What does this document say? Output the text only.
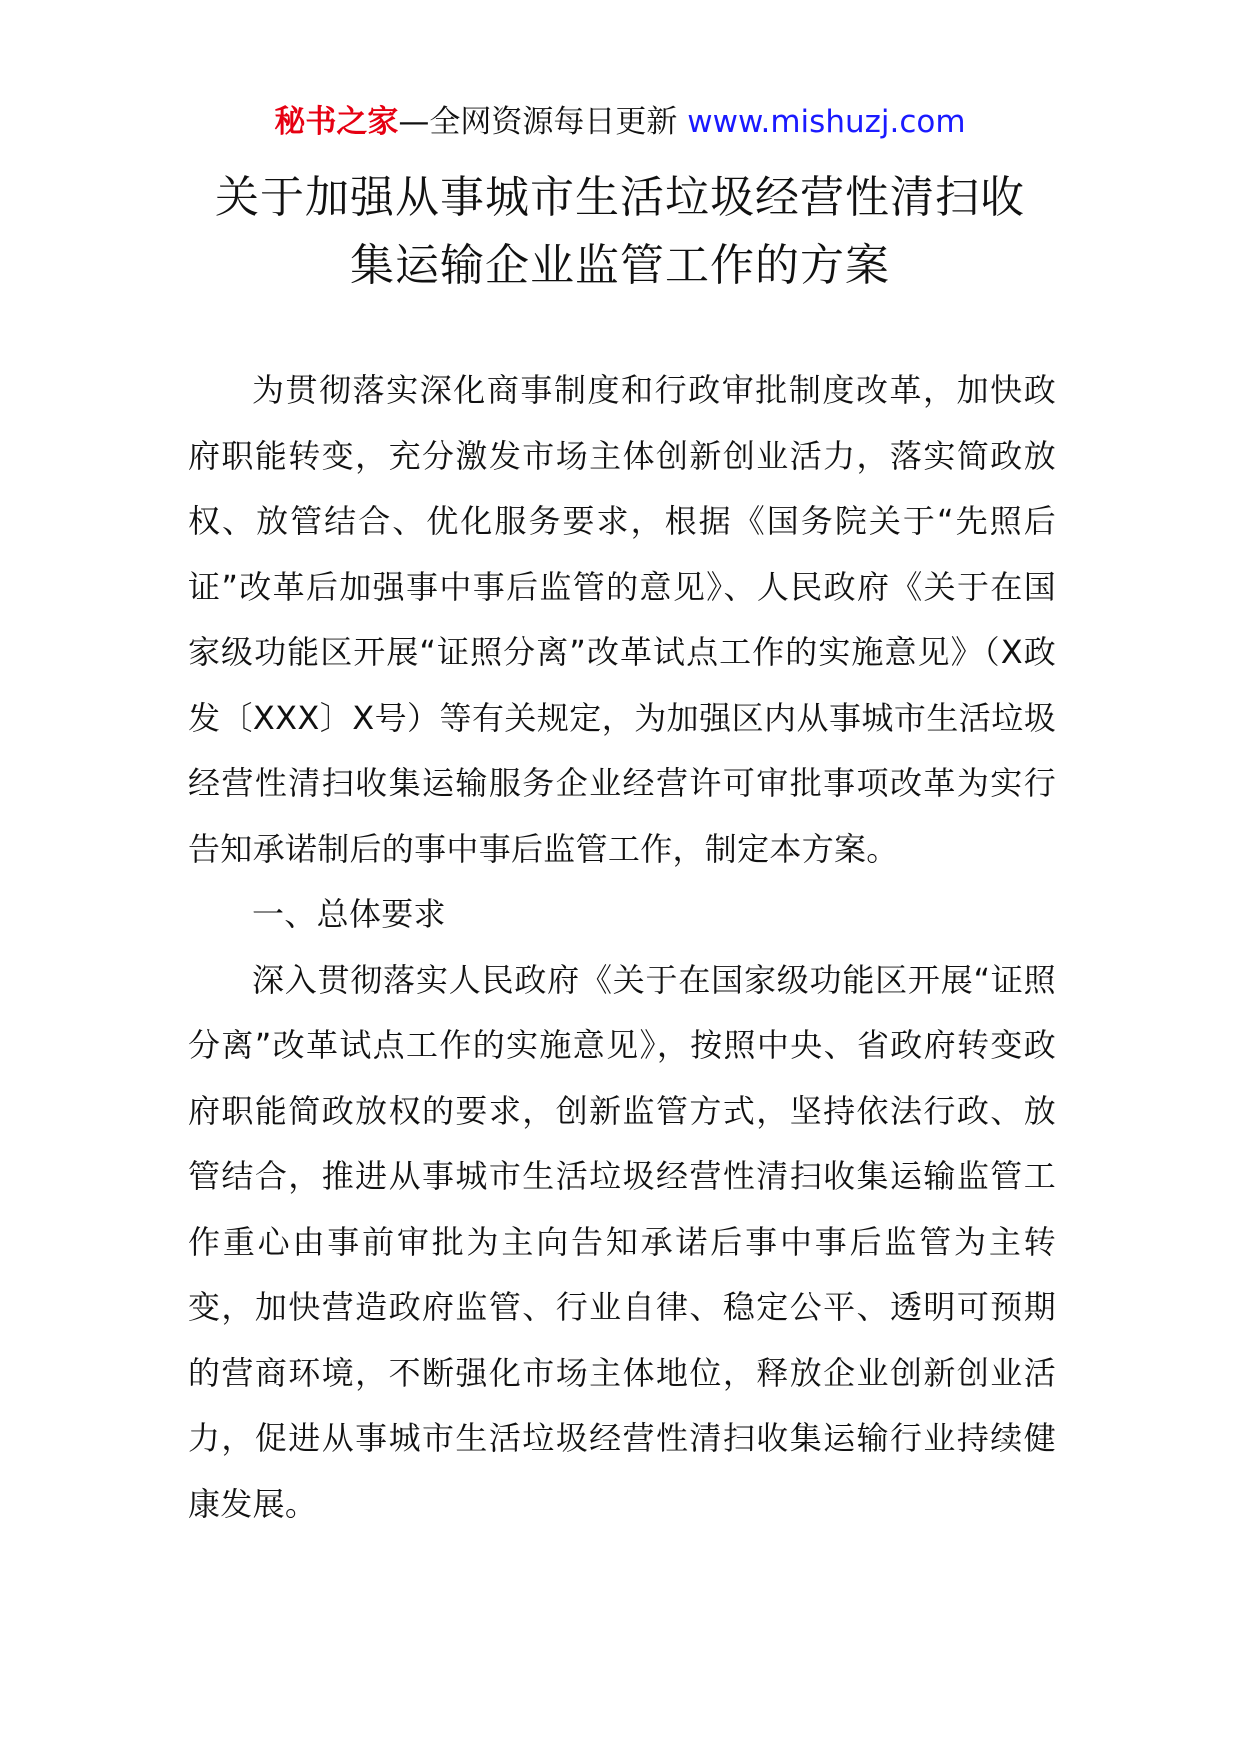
秘书之家—全网资源每日更新 www.mishuzj.com
关于加强从事城市生活垃圾经营性清扫收
集运输企业监管工作的方案

为贯彻落实深化商事制度和行政审批制度改革，加快政府职能转变，充分激发市场主体创新创业活力，落实简政放权、放管结合、优化服务要求，根据《国务院关于“先照后证”改革后加强事中事后监管的意见》、人民政府《关于在国家级功能区开展“证照分离”改革试点工作的实施意见》（X政发〔XXX〕X号）等有关规定，为加强区内从事城市生活垃圾经营性清扫收集运输服务企业经营许可审批事项改革为实行告知承诺制后的事中事后监管工作，制定本方案。

一、总体要求

深入贯彻落实人民政府《关于在国家级功能区开展“证照分离”改革试点工作的实施意见》，按照中央、省政府转变政府职能简政放权的要求，创新监管方式，坚持依法行政、放管结合，推进从事城市生活垃圾经营性清扫收集运输监管工作重心由事前审批为主向告知承诺后事中事后监管为主转变，加快营造政府监管、行业自律、稳定公平、透明可预期的营商环境，不断强化市场主体地位，释放企业创新创业活力，促进从事城市生活垃圾经营性清扫收集运输行业持续健康发展。
